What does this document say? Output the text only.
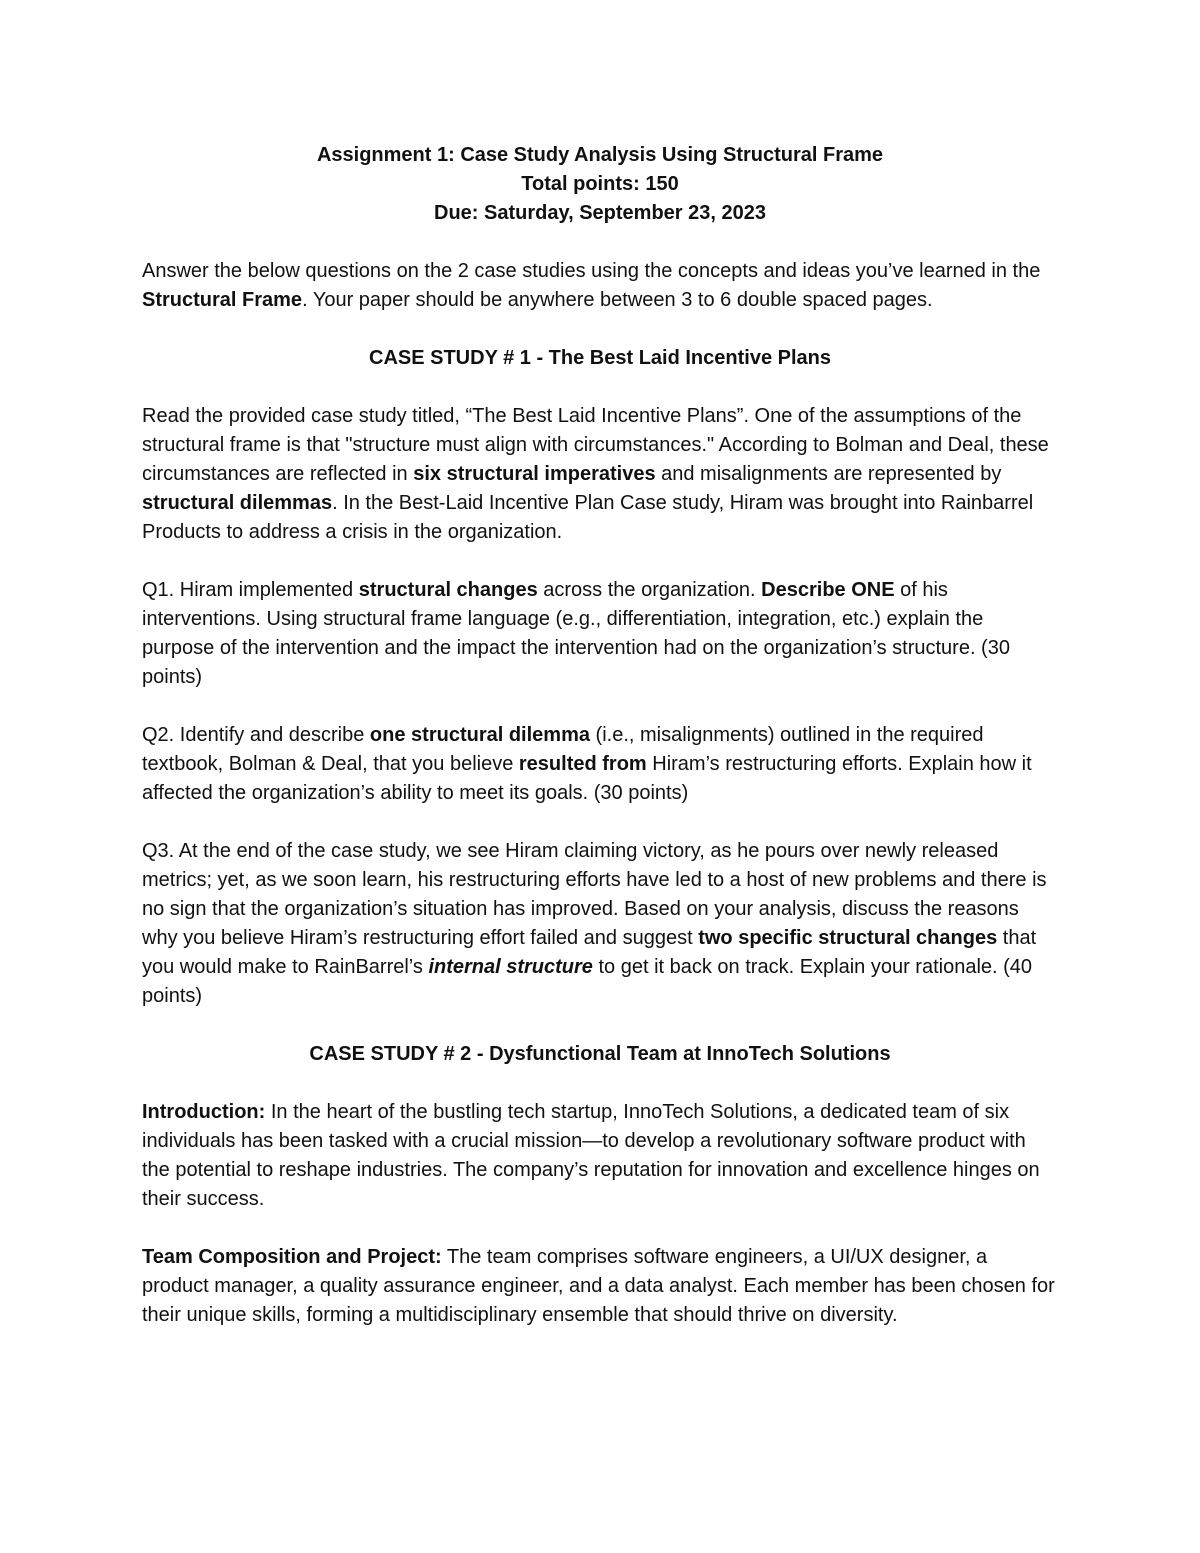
Assignment 1: Case Study Analysis Using Structural Frame
Total points: 150
Due: Saturday, September 23, 2023

Answer the below questions on the 2 case studies using the concepts and ideas you’ve learned in the Structural Frame. Your paper should be anywhere between 3 to 6 double spaced pages.

CASE STUDY # 1 - The Best Laid Incentive Plans

Read the provided case study titled, “The Best Laid Incentive Plans”. One of the assumptions of the structural frame is that "structure must align with circumstances." According to Bolman and Deal, these circumstances are reflected in six structural imperatives and misalignments are represented by structural dilemmas. In the Best-Laid Incentive Plan Case study, Hiram was brought into Rainbarrel Products to address a crisis in the organization.

Q1. Hiram implemented structural changes across the organization. Describe ONE of his interventions. Using structural frame language (e.g., differentiation, integration, etc.) explain the purpose of the intervention and the impact the intervention had on the organization’s structure. (30 points)

Q2. Identify and describe one structural dilemma (i.e., misalignments) outlined in the required textbook, Bolman & Deal, that you believe resulted from Hiram’s restructuring efforts. Explain how it affected the organization’s ability to meet its goals. (30 points)

Q3. At the end of the case study, we see Hiram claiming victory, as he pours over newly released metrics; yet, as we soon learn, his restructuring efforts have led to a host of new problems and there is no sign that the organization’s situation has improved. Based on your analysis, discuss the reasons why you believe Hiram’s restructuring effort failed and suggest two specific structural changes that you would make to RainBarrel’s internal structure to get it back on track. Explain your rationale. (40 points)

CASE STUDY # 2 - Dysfunctional Team at InnoTech Solutions

Introduction: In the heart of the bustling tech startup, InnoTech Solutions, a dedicated team of six individuals has been tasked with a crucial mission—to develop a revolutionary software product with the potential to reshape industries. The company’s reputation for innovation and excellence hinges on their success.

Team Composition and Project: The team comprises software engineers, a UI/UX designer, a product manager, a quality assurance engineer, and a data analyst. Each member has been chosen for their unique skills, forming a multidisciplinary ensemble that should thrive on diversity.
